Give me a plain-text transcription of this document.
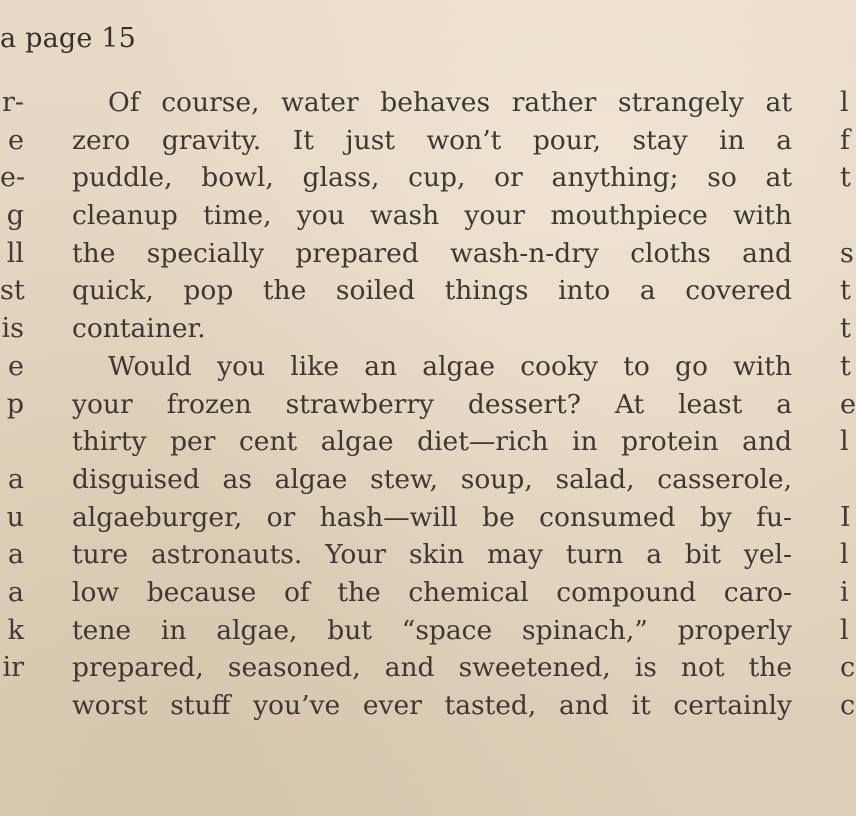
a page 15
r-
e
e-
g
ll
st
is
e
p
a
u
a
a
k
ir
Of course, water behaves rather strangely at
zero gravity. It just won’t pour, stay in a
puddle, bowl, glass, cup, or anything; so at
cleanup time, you wash your mouthpiece with
the specially prepared wash-n-dry cloths and
quick, pop the soiled things into a covered
container.
Would you like an algae cooky to go with
your frozen strawberry dessert? At least a
thirty per cent algae diet—rich in protein and
disguised as algae stew, soup, salad, casserole,
algaeburger, or hash—will be consumed by fu-
ture astronauts. Your skin may turn a bit yel-
low because of the chemical compound caro-
tene in algae, but “space spinach,” properly
prepared, seasoned, and sweetened, is not the
worst stuff you’ve ever tasted, and it certainly
l
f
t
s
t
t
t
e
l
I
l
i
l
c
c
